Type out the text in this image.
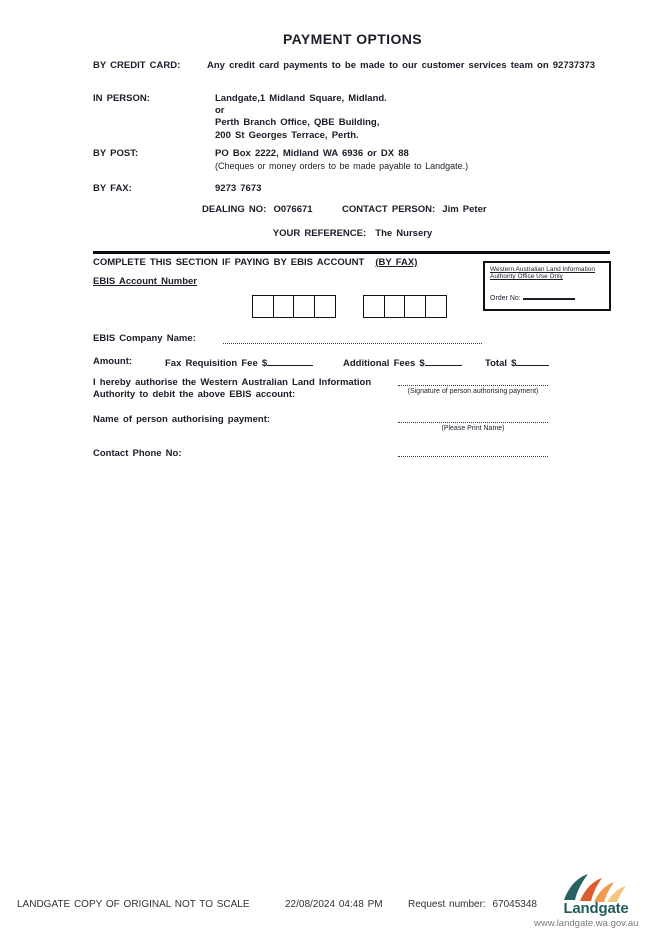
PAYMENT OPTIONS
BY CREDIT CARD:	Any credit card payments to be made to our customer services team on 92737373
IN PERSON:	Landgate,1 Midland Square, Midland.
or
Perth Branch Office, QBE Building,
200 St Georges Terrace, Perth.
BY POST:	PO Box 2222, Midland WA 6936 or DX 88
(Cheques or money orders to be made payable to Landgate.)
BY FAX:	9273 7673
DEALING NO: O076671	CONTACT PERSON: Jim Peter
YOUR REFERENCE: The Nursery
COMPLETE THIS SECTION IF PAYING BY EBIS ACCOUNT (BY FAX)
Western Australian Land Information
Authority Office Use Only
Order No:
EBIS Account Number
EBIS Company Name:
Amount:	Fax Requisition Fee $	Additional Fees $	Total $
I hereby authorise the Western Australian Land Information
Authority to debit the above EBIS account:	(Signature of person authorising payment)
Name of person authorising payment:
(Please Print Name)
Contact Phone No:
LANDGATE COPY OF ORIGINAL NOT TO SCALE	22/08/2024 04:48 PM	Request number: 67045348	Landgate
www.landgate.wa.gov.au
